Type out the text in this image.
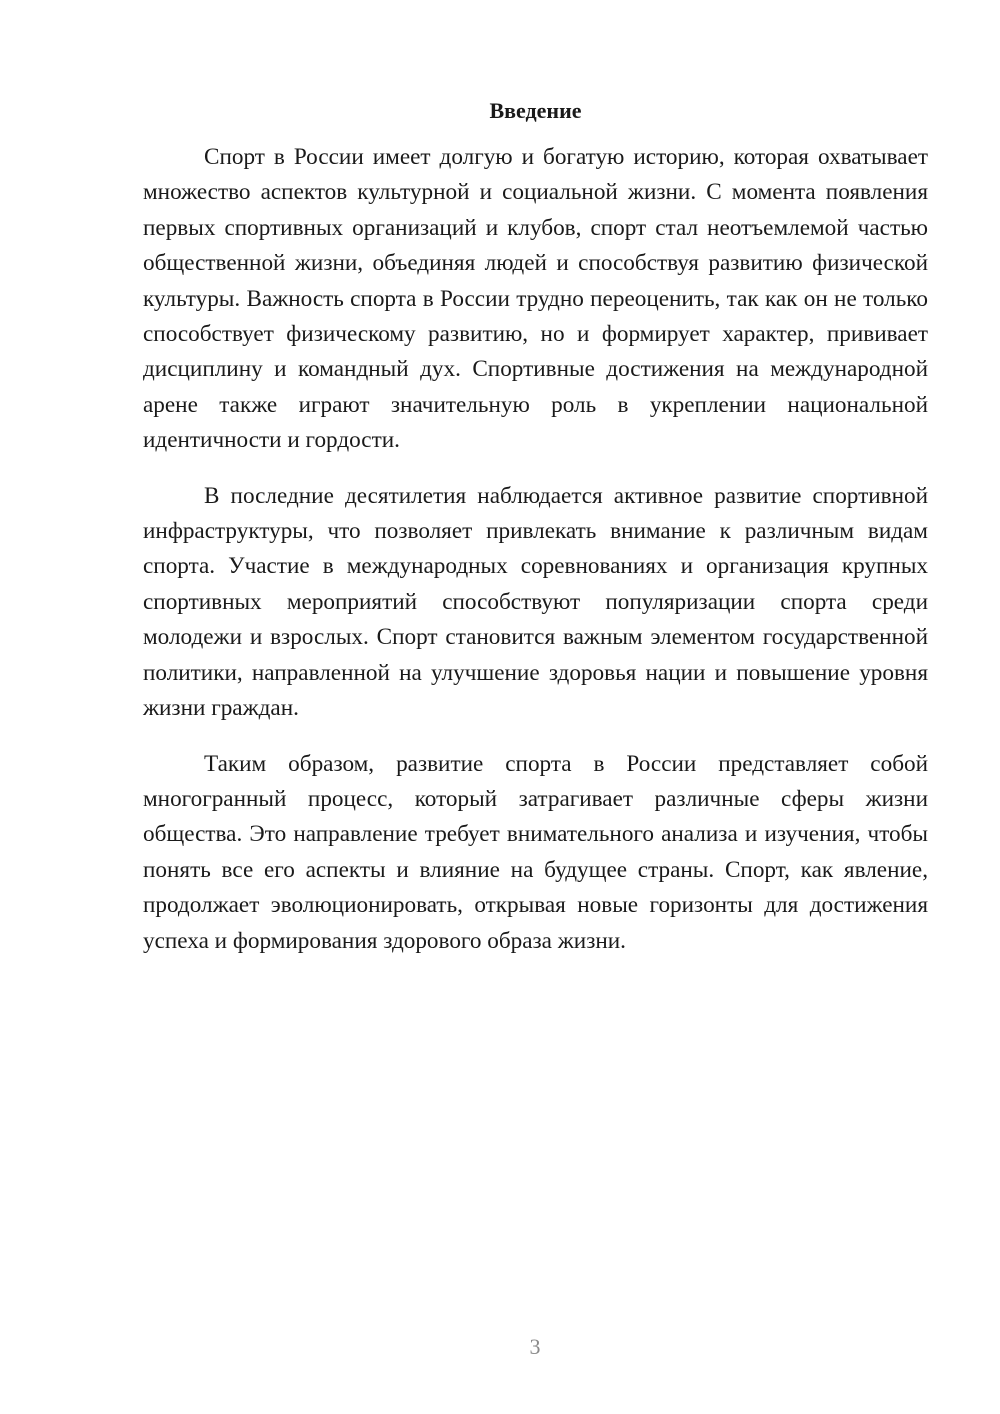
Введение

Спорт в России имеет долгую и богатую историю, которая охватывает множество аспектов культурной и социальной жизни. С момента появления первых спортивных организаций и клубов, спорт стал неотъемлемой частью общественной жизни, объединяя людей и способствуя развитию физической культуры. Важность спорта в России трудно переоценить, так как он не только способствует физическому развитию, но и формирует характер, прививает дисциплину и командный дух. Спортивные достижения на международной арене также играют значительную роль в укреплении национальной идентичности и гордости.

В последние десятилетия наблюдается активное развитие спортивной инфраструктуры, что позволяет привлекать внимание к различным видам спорта. Участие в международных соревнованиях и организация крупных спортивных мероприятий способствуют популяризации спорта среди молодежи и взрослых. Спорт становится важным элементом государственной политики, направленной на улучшение здоровья нации и повышение уровня жизни граждан.

Таким образом, развитие спорта в России представляет собой многогранный процесс, который затрагивает различные сферы жизни общества. Это направление требует внимательного анализа и изучения, чтобы понять все его аспекты и влияние на будущее страны. Спорт, как явление, продолжает эволюционировать, открывая новые горизонты для достижения успеха и формирования здорового образа жизни.

3
